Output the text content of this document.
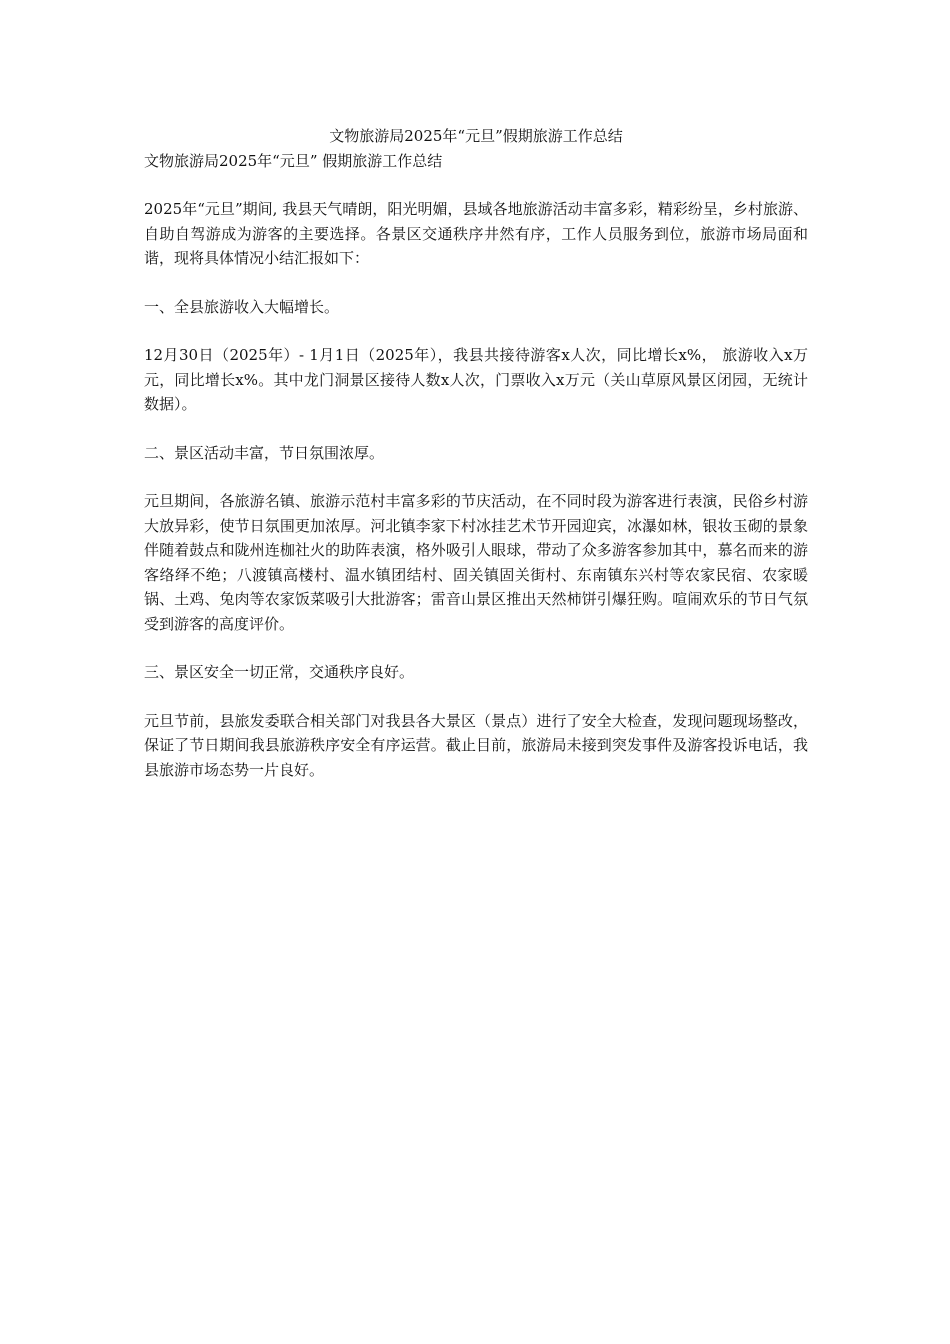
文物旅游局2025年“元旦”假期旅游工作总结

文物旅游局2025年“元旦” 假期旅游工作总结

2025年“元旦”期间, 我县天气晴朗，阳光明媚，县域各地旅游活动丰富多彩，精彩纷呈，乡村旅游、自助自驾游成为游客的主要选择。各景区交通秩序井然有序，工作人员服务到位，旅游市场局面和谐，现将具体情况小结汇报如下：

一、全县旅游收入大幅增长。

12月30日（2025年）- 1月1日（2025年），我县共接待游客x人次，同比增长x%， 旅游收入x万元，同比增长x%。其中龙门洞景区接待人数x人次，门票收入x万元（关山草原风景区闭园，无统计数据）。

二、景区活动丰富，节日氛围浓厚。

元旦期间，各旅游名镇、旅游示范村丰富多彩的节庆活动，在不同时段为游客进行表演，民俗乡村游大放异彩，使节日氛围更加浓厚。河北镇李家下村冰挂艺术节开园迎宾，冰瀑如林，银妆玉砌的景象伴随着鼓点和陇州连枷社火的助阵表演，格外吸引人眼球，带动了众多游客参加其中，慕名而来的游客络绎不绝；八渡镇高楼村、温水镇团结村、固关镇固关街村、东南镇东兴村等农家民宿、农家暖锅、土鸡、兔肉等农家饭菜吸引大批游客；雷音山景区推出天然柿饼引爆狂购。喧闹欢乐的节日气氛受到游客的高度评价。

三、景区安全一切正常，交通秩序良好。

元旦节前，县旅发委联合相关部门对我县各大景区（景点）进行了安全大检查，发现问题现场整改，保证了节日期间我县旅游秩序安全有序运营。截止目前，旅游局未接到突发事件及游客投诉电话，我县旅游市场态势一片良好。
